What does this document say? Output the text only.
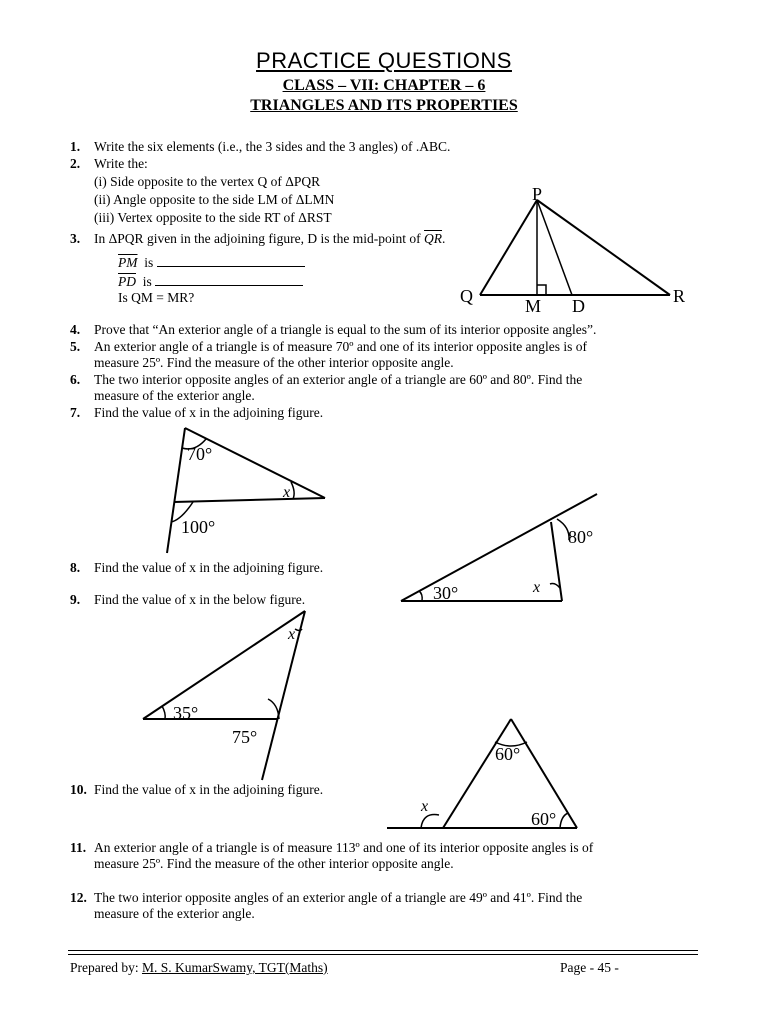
PRACTICE QUESTIONS
CLASS – VII: CHAPTER – 6
TRIANGLES AND ITS PROPERTIES
1. Write the six elements (i.e., the 3 sides and the 3 angles) of .ABC.
2. Write the:
(i) Side opposite to the vertex Q of ΔPQR
(ii) Angle opposite to the side LM of ΔLMN
(iii) Vertex opposite to the side RT of ΔRST
3. In ΔPQR given in the adjoining figure, D is the mid-point of $\overline{QR}$.
$\overline{PM}$ is
$\overline{PD}$ is
Is QM = MR?
P
Q	R
M D
4. Prove that “An exterior angle of a triangle is equal to the sum of its interior opposite angles”.
5. An exterior angle of a triangle is of measure 70º and one of its interior opposite angles is of
measure 25º. Find the measure of the other interior opposite angle.
6. The two interior opposite angles of an exterior angle of a triangle are 60º and 80º. Find the
measure of the exterior angle.
7. Find the value of x in the adjoining figure.
70°
x
100°	80°
30°	x
8. Find the value of x in the adjoining figure.
9. Find the value of x in the below figure.
x
35°
75°
60°
x
60°
10. Find the value of x in the adjoining figure.
11. An exterior angle of a triangle is of measure 113º and one of its interior opposite angles is of
measure 25º. Find the measure of the other interior opposite angle.
12. The two interior opposite angles of an exterior angle of a triangle are 49º and 41º. Find the
measure of the exterior angle.
Prepared by: M. S. KumarSwamy, TGT(Maths)	Page - 45 -
